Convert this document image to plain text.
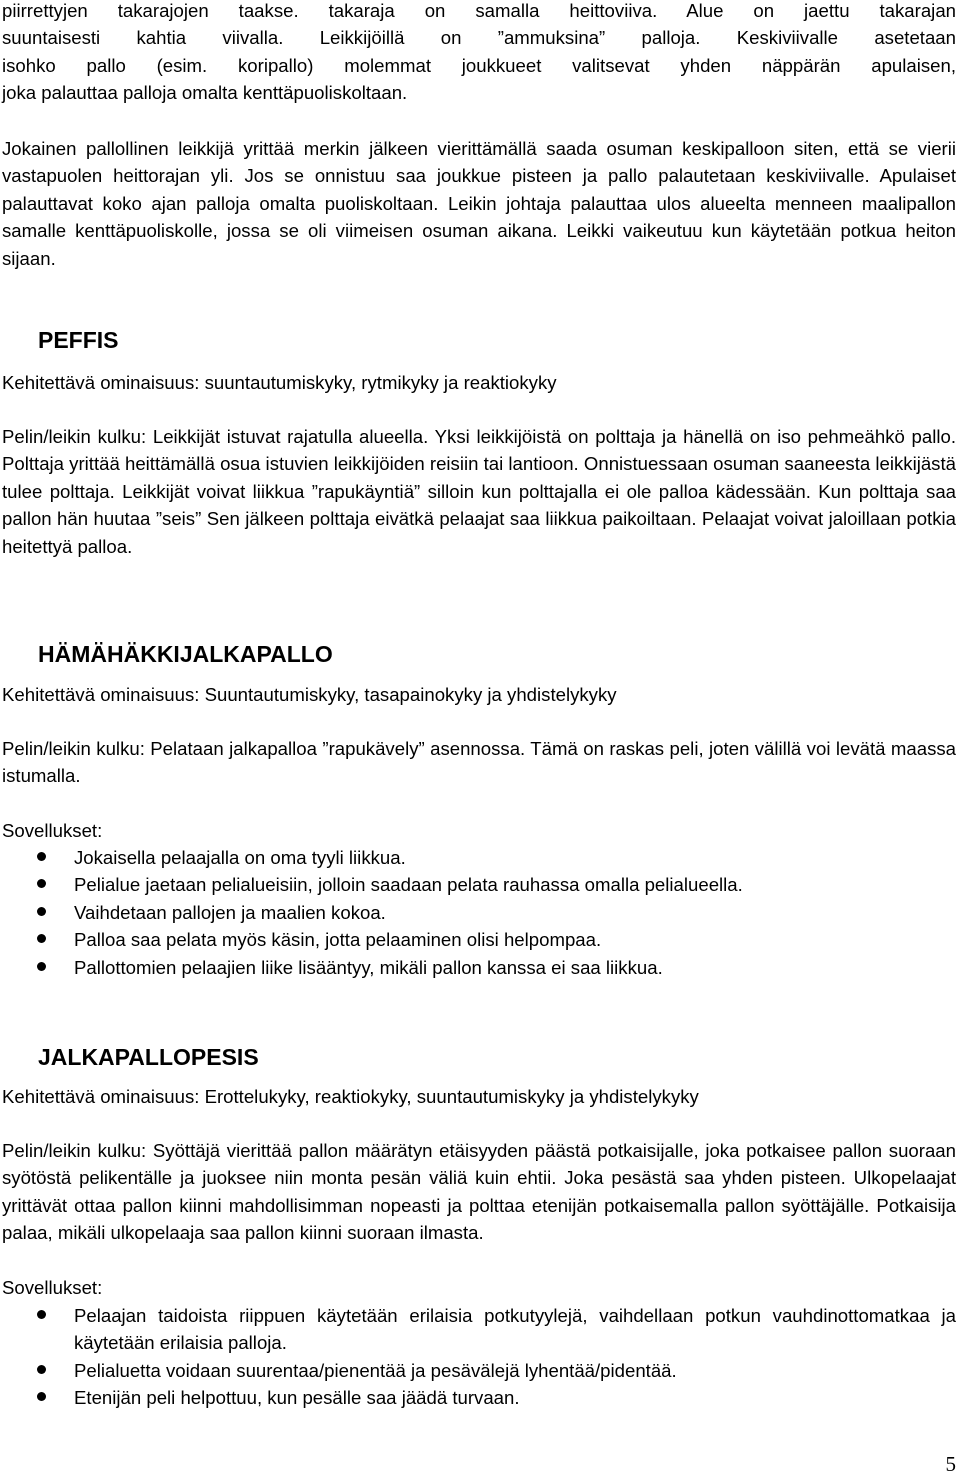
piirrettyjen takarajojen taakse. takaraja on samalla heittoviiva. Alue on jaettu takarajan
suuntaisesti kahtia viivalla. Leikkijöillä on ”ammuksina” palloja. Keskiviivalle asetetaan
isohko pallo (esim. koripallo) molemmat joukkueet valitsevat yhden näppärän apulaisen,
joka palauttaa palloja omalta kenttäpuoliskoltaan.

Jokainen pallollinen leikkijä yrittää merkin jälkeen vierittämällä saada osuman keskipalloon siten, että se vierii vastapuolen heittorajan yli. Jos se onnistuu saa joukkue pisteen ja pallo palautetaan keskiviivalle. Apulaiset palauttavat koko ajan palloja omalta puoliskoltaan. Leikin johtaja palauttaa ulos alueelta menneen maalipallon samalle kenttäpuoliskolle, jossa se oli viimeisen osuman aikana. Leikki vaikeutuu kun käytetään potkua heiton sijaan.

PEFFIS

Kehitettävä ominaisuus: suuntautumiskyky, rytmikyky ja reaktiokyky

Pelin/leikin kulku: Leikkijät istuvat rajatulla alueella. Yksi leikkijöistä on polttaja ja hänellä on iso pehmeähkö pallo. Polttaja yrittää heittämällä osua istuvien leikkijöiden reisiin tai lantioon. Onnistuessaan osuman saaneesta leikkijästä tulee polttaja. Leikkijät voivat liikkua ”rapukäyntiä” silloin kun polttajalla ei ole palloa kädessään. Kun polttaja saa pallon hän huutaa ”seis” Sen jälkeen polttaja eivätkä pelaajat saa liikkua paikoiltaan. Pelaajat voivat jaloillaan potkia heitettyä palloa.

HÄMÄHÄKKIJALKAPALLO

Kehitettävä ominaisuus: Suuntautumiskyky, tasapainokyky ja yhdistelykyky

Pelin/leikin kulku: Pelataan jalkapalloa ”rapukävely” asennossa. Tämä on raskas peli, joten välillä voi levätä maassa istumalla.

Sovellukset:

Jokaisella pelaajalla on oma tyyli liikkua.
Pelialue jaetaan pelialueisiin, jolloin saadaan pelata rauhassa omalla pelialueella.
Vaihdetaan pallojen ja maalien kokoa.
Palloa saa pelata myös käsin, jotta pelaaminen olisi helpompaa.
Pallottomien pelaajien liike lisääntyy, mikäli pallon kanssa ei saa liikkua.
JALKAPALLOPESIS

Kehitettävä ominaisuus: Erottelukyky, reaktiokyky, suuntautumiskyky ja yhdistelykyky

Pelin/leikin kulku: Syöttäjä vierittää pallon määrätyn etäisyyden päästä potkaisijalle, joka potkaisee pallon suoraan syötöstä pelikentälle ja juoksee niin monta pesän väliä kuin ehtii. Joka pesästä saa yhden pisteen. Ulkopelaajat yrittävät ottaa pallon kiinni mahdollisimman nopeasti ja polttaa etenijän potkaisemalla pallon syöttäjälle. Potkaisija palaa, mikäli ulkopelaaja saa pallon kiinni suoraan ilmasta.

Sovellukset:

Pelaajan taidoista riippuen käytetään erilaisia potkutyylejä, vaihdellaan potkun vauhdinottomatkaa ja käytetään erilaisia palloja.
Pelialuetta voidaan suurentaa/pienentää ja pesävälejä lyhentää/pidentää.
Etenijän peli helpottuu, kun pesälle saa jäädä turvaan.
5
